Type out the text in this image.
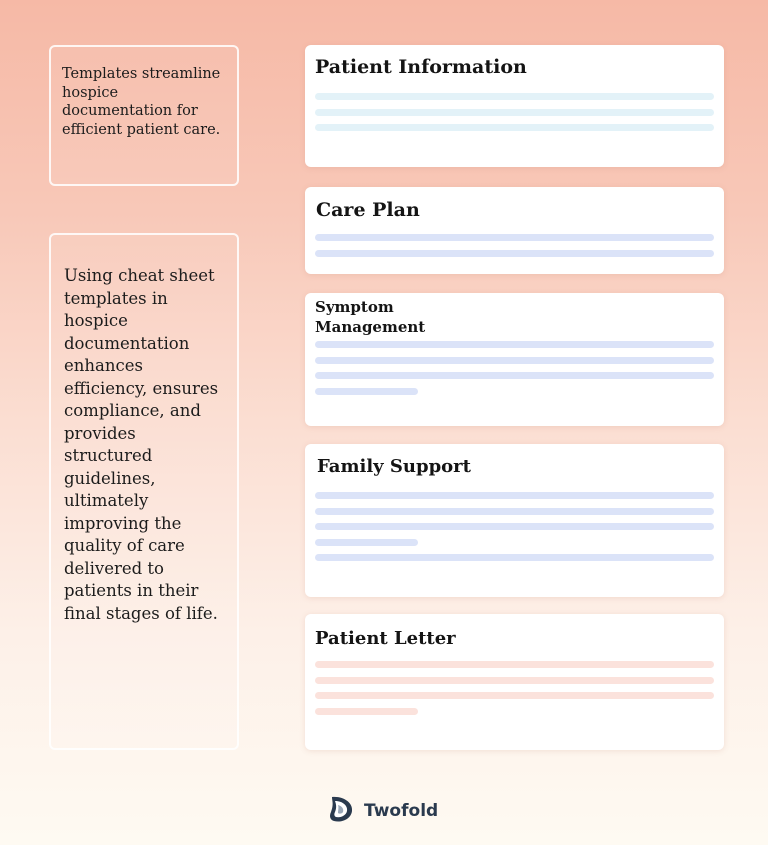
Templates streamline hospice documentation for efficient patient care.

Using cheat sheet templates in hospice documentation enhances efficiency, ensures compliance, and provides structured guidelines, ultimately improving the quality of care delivered to patients in their final stages of life.

Patient Information
Care Plan
Symptom Management
Family Support
Patient Letter
Twofold
